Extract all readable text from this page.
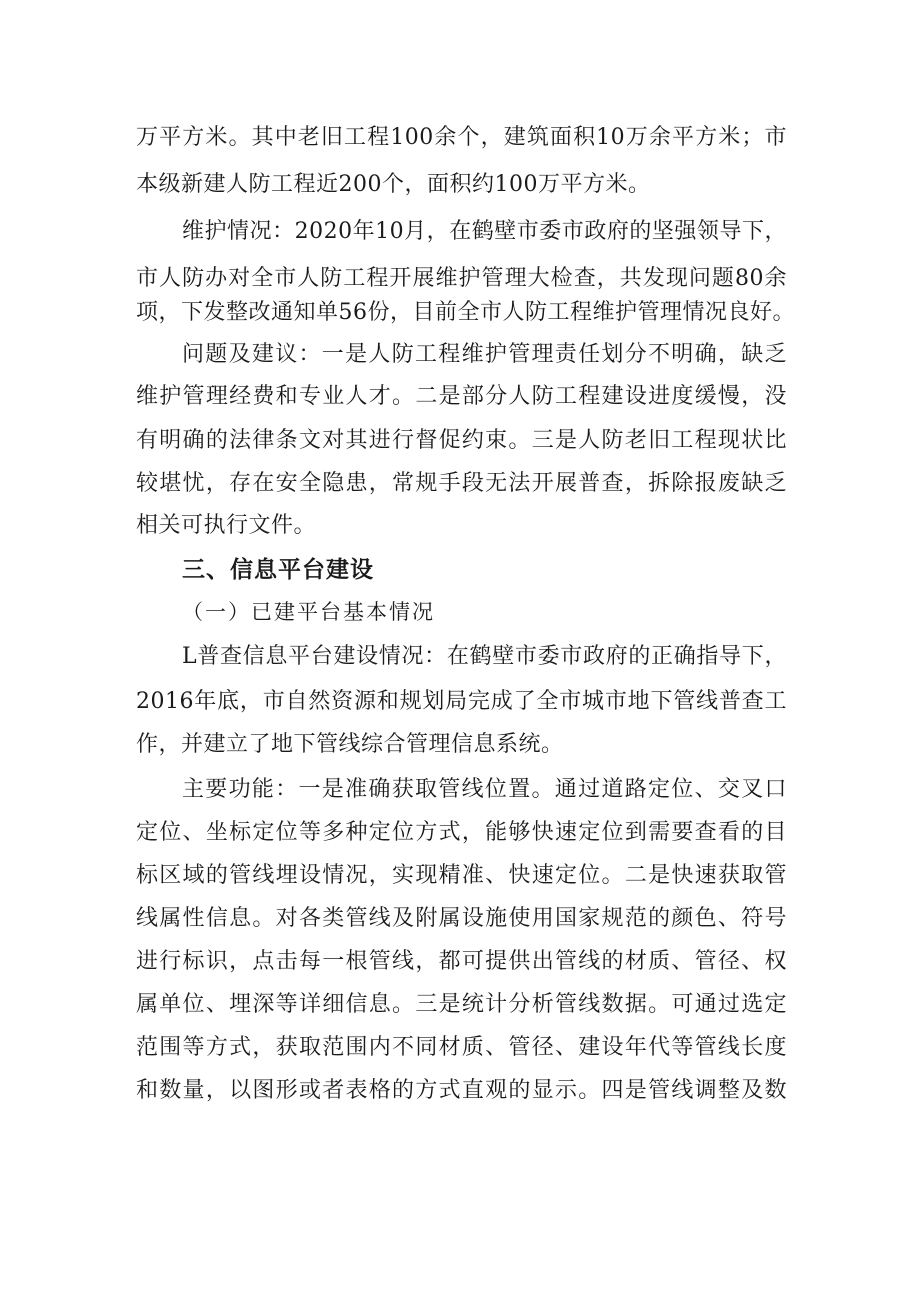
万平方米。其中老旧工程100余个，建筑面积10万余平方米；市
本级新建人防工程近200个，面积约100万平方米。
维护情况：2020年10月，在鹤壁市委市政府的坚强领导下，
市人防办对全市人防工程开展维护管理大检查，共发现问题80余
项，下发整改通知单56份，目前全市人防工程维护管理情况良好。
问题及建议：一是人防工程维护管理责任划分不明确，缺乏
维护管理经费和专业人才。二是部分人防工程建设进度缓慢，没
有明确的法律条文对其进行督促约束。三是人防老旧工程现状比
较堪忧，存在安全隐患，常规手段无法开展普查，拆除报废缺乏
相关可执行文件。
三、信息平台建设
（一）已建平台基本情况
L普查信息平台建设情况：在鹤壁市委市政府的正确指导下，
2016年底，市自然资源和规划局完成了全市城市地下管线普查工
作，并建立了地下管线综合管理信息系统。
主要功能：一是准确获取管线位置。通过道路定位、交叉口
定位、坐标定位等多种定位方式，能够快速定位到需要查看的目
标区域的管线埋设情况，实现精准、快速定位。二是快速获取管
线属性信息。对各类管线及附属设施使用国家规范的颜色、符号
进行标识，点击每一根管线，都可提供出管线的材质、管径、权
属单位、埋深等详细信息。三是统计分析管线数据。可通过选定
范围等方式，获取范围内不同材质、管径、建设年代等管线长度
和数量，以图形或者表格的方式直观的显示。四是管线调整及数
